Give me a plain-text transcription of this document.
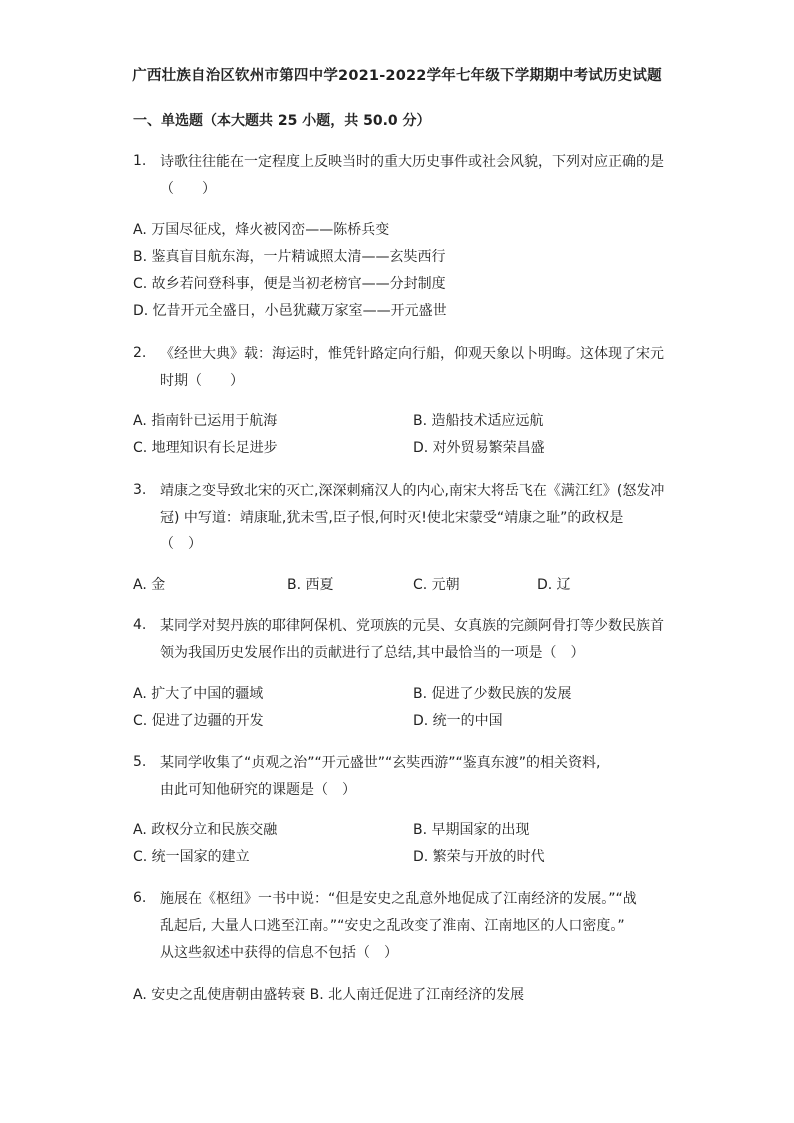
广西壮族自治区钦州市第四中学2021-2022学年七年级下学期期中考试历史试题
一、单选题（本大题共 25 小题，共 50.0 分）
1. 诗歌往往能在一定程度上反映当时的重大历史事件或社会风貌，下列对应正确的是
（　　）
A. 万国尽征戍，烽火被冈峦——陈桥兵变
B. 鉴真盲目航东海，一片精诚照太清——玄奘西行
C. 故乡若问登科事，便是当初老榜官——分封制度
D. 忆昔开元全盛日，小邑犹藏万家室——开元盛世
2. 《经世大典》载：海运时，惟凭针路定向行船，仰观天象以卜明晦。这体现了宋元
时期（　　）
A. 指南针已运用于航海	B. 造船技术适应远航
C. 地理知识有长足进步	D. 对外贸易繁荣昌盛
3. 靖康之变导致北宋的灭亡,深深刺痛汉人的内心,南宋大将岳飞在《满江红》(怒发冲
冠) 中写道：靖康耻,犹未雪,臣子恨,何时灭!使北宋蒙受“靖康之耻”的政权是
（　）
A. 金	B. 西夏	C. 元朝	D. 辽
4. 某同学对契丹族的耶律阿保机、党项族的元昊、女真族的完颜阿骨打等少数民族首
领为我国历史发展作出的贡献进行了总结,其中最恰当的一项是（　）
A. 扩大了中国的疆域	B. 促进了少数民族的发展
C. 促进了边疆的开发	D. 统一的中国
5. 某同学收集了“贞观之治”“开元盛世”“玄奘西游”“鉴真东渡”的相关资料,
由此可知他研究的课题是（　）
A. 政权分立和民族交融	B. 早期国家的出现
C. 统一国家的建立	D. 繁荣与开放的时代
6. 施展在《枢纽》一书中说：“但是安史之乱意外地促成了江南经济的发展。”“战
乱起后, 大量人口逃至江南。”“安史之乱改变了淮南、江南地区的人口密度。”
从这些叙述中获得的信息不包括（　）
A. 安史之乱使唐朝由盛转衰 B. 北人南迁促进了江南经济的发展
